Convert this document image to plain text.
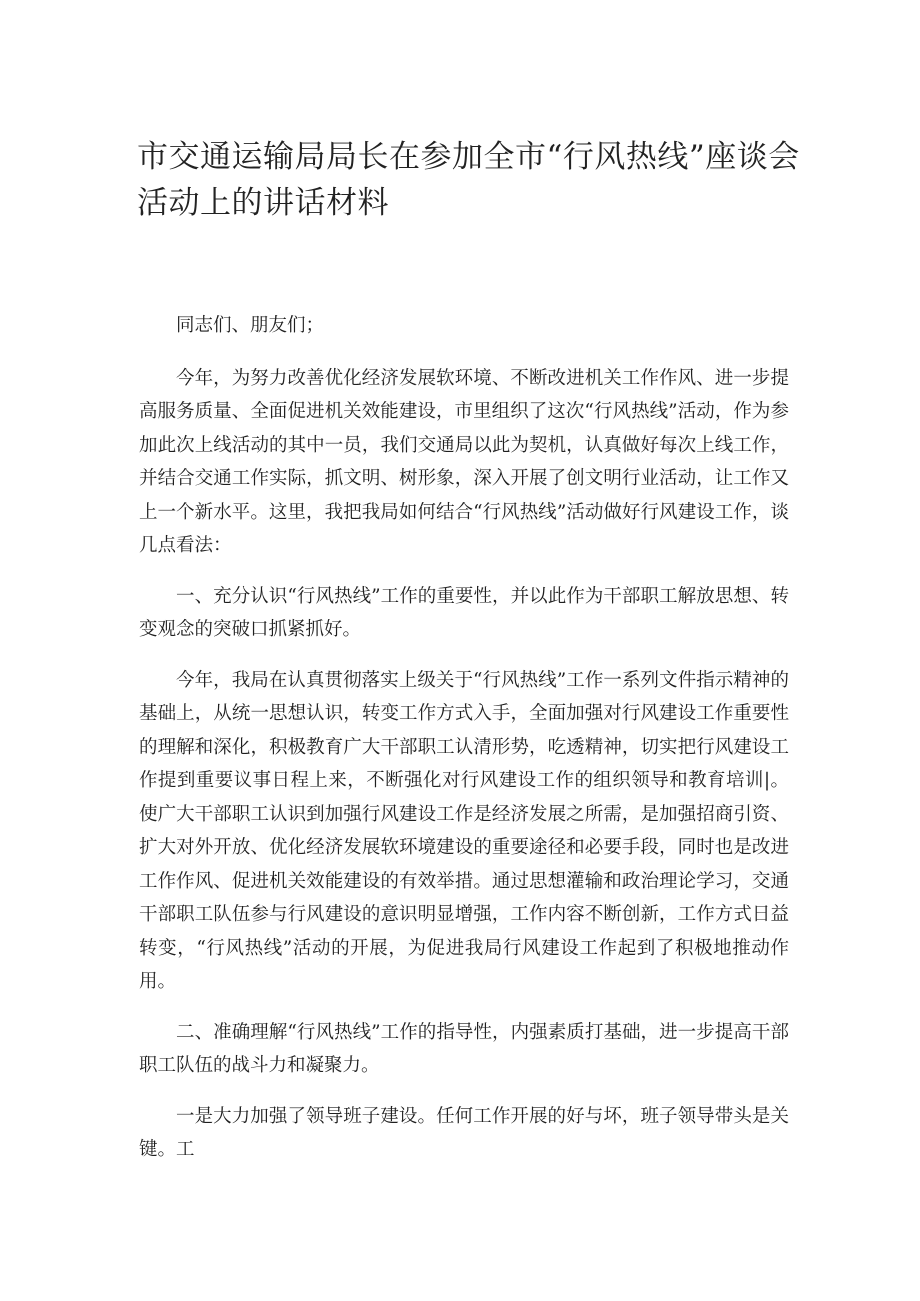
市交通运输局局长在参加全市“行风热线”座谈会活动上的讲话材料

同志们、朋友们；

今年，为努力改善优化经济发展软环境、不断改进机关工作作风、进一步提高服务质量、全面促进机关效能建设，市里组织了这次“行风热线”活动，作为参加此次上线活动的其中一员，我们交通局以此为契机，认真做好每次上线工作，并结合交通工作实际，抓文明、树形象，深入开展了创文明行业活动，让工作又上一个新水平。这里，我把我局如何结合“行风热线”活动做好行风建设工作，谈几点看法：

一、充分认识“行风热线”工作的重要性，并以此作为干部职工解放思想、转变观念的突破口抓紧抓好。

今年，我局在认真贯彻落实上级关于“行风热线”工作一系列文件指示精神的基础上，从统一思想认识，转变工作方式入手，全面加强对行风建设工作重要性的理解和深化，积极教育广大干部职工认清形势，吃透精神，切实把行风建设工作提到重要议事日程上来，不断强化对行风建设工作的组织领导和教育培训|。使广大干部职工认识到加强行风建设工作是经济发展之所需，是加强招商引资、扩大对外开放、优化经济发展软环境建设的重要途径和必要手段，同时也是改进工作作风、促进机关效能建设的有效举措。通过思想灌输和政治理论学习，交通干部职工队伍参与行风建设的意识明显增强，工作内容不断创新，工作方式日益转变，“行风热线”活动的开展，为促进我局行风建设工作起到了积极地推动作用。

二、准确理解“行风热线”工作的指导性，内强素质打基础，进一步提高干部职工队伍的战斗力和凝聚力。

一是大力加强了领导班子建设。任何工作开展的好与坏，班子领导带头是关键。工
